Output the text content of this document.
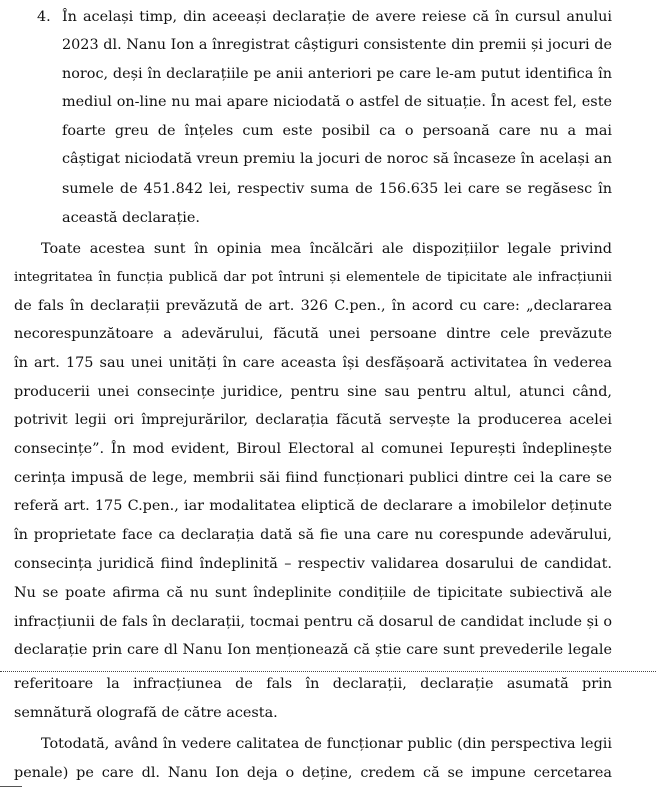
4. În același timp, din aceeași declarație de avere reiese că în cursul anului
2023 dl. Nanu Ion a înregistrat câștiguri consistente din premii și jocuri de
noroc, deși în declarațiile pe anii anteriori pe care le-am putut identifica în
mediul on-line nu mai apare niciodată o astfel de situație. În acest fel, este
foarte greu de înțeles cum este posibil ca o persoană care nu a mai
câștigat niciodată vreun premiu la jocuri de noroc să încaseze în același an
sumele de 451.842 lei, respectiv suma de 156.635 lei care se regăsesc în
această declarație.
Toate acestea sunt în opinia mea încălcări ale dispozițiilor legale privind
integritatea în funcția publică dar pot întruni și elementele de tipicitate ale infracțiunii
de fals în declarații prevăzută de art. 326 C.pen., în acord cu care: „declararea
necorespunzătoare a adevărului, făcută unei persoane dintre cele prevăzute
în art. 175 sau unei unități în care aceasta își desfășoară activitatea în vederea
producerii unei consecințe juridice, pentru sine sau pentru altul, atunci când,
potrivit legii ori împrejurărilor, declarația făcută servește la producerea acelei
consecințe”. În mod evident, Biroul Electoral al comunei Iepurești îndeplinește
cerința impusă de lege, membrii săi fiind funcționari publici dintre cei la care se
referă art. 175 C.pen., iar modalitatea eliptică de declarare a imobilelor deținute
în proprietate face ca declarația dată să fie una care nu corespunde adevărului,
consecința juridică fiind îndeplinită – respectiv validarea dosarului de candidat.
Nu se poate afirma că nu sunt îndeplinite condițiile de tipicitate subiectivă ale
infracțiunii de fals în declarații, tocmai pentru că dosarul de candidat include și o
declarație prin care dl Nanu Ion menționează că știe care sunt prevederile legale
referitoare la infracțiunea de fals în declarații, declarație asumată prin
semnătură olografă de către acesta.
Totodată, având în vedere calitatea de funcționar public (din perspectiva legii
penale) pe care dl. Nanu Ion deja o deține, credem că se impune cercetarea
